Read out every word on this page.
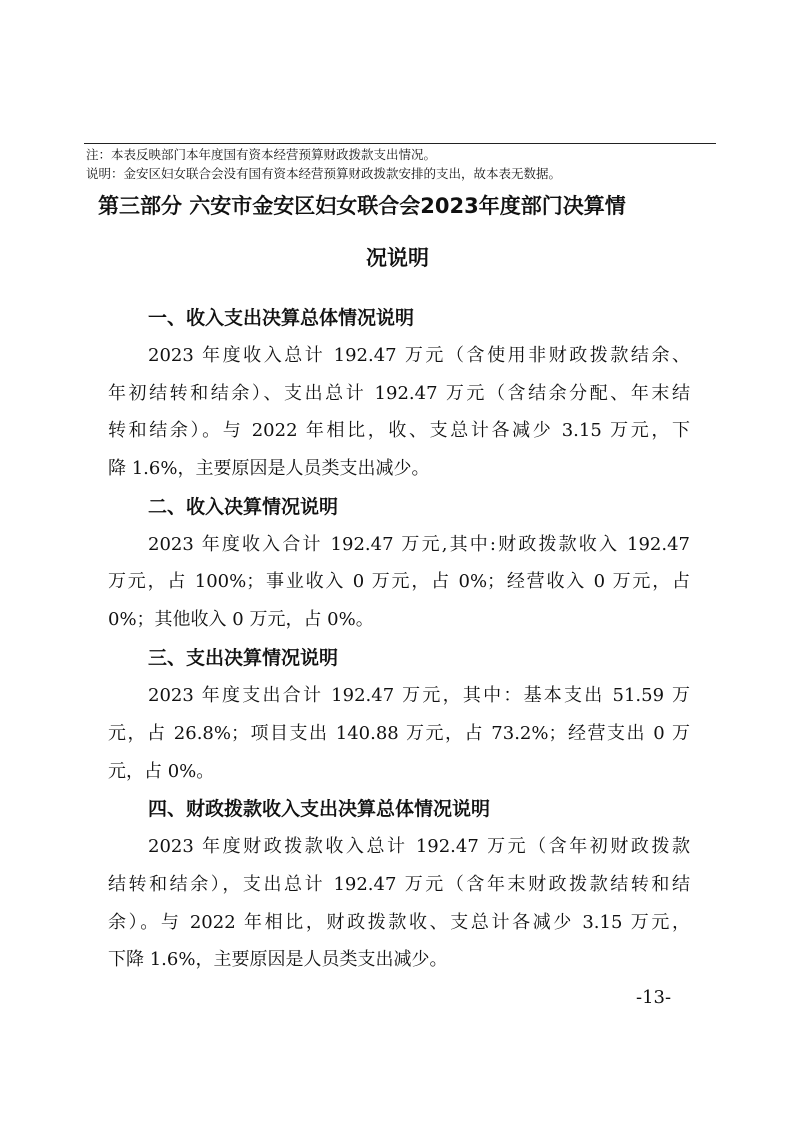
注：本表反映部门本年度国有资本经营预算财政拨款支出情况。
说明：金安区妇女联合会没有国有资本经营预算财政拨款安排的支出，故本表无数据。
第三部分 六安市金安区妇女联合会2023年度部门决算情
况说明
一、收入支出决算总体情况说明
2023 年度收入总计 192.47 万元（含使用非财政拨款结余、
年初结转和结余）、支出总计 192.47 万元（含结余分配、年末结
转和结余）。与 2022 年相比，收、支总计各减少 3.15 万元，下
降 1.6%，主要原因是人员类支出减少。
二、收入决算情况说明
2023 年度收入合计 192.47 万元,其中:财政拨款收入 192.47
万元，占 100%；事业收入 0 万元，占 0%；经营收入 0 万元，占
0%；其他收入 0 万元，占 0%。
三、支出决算情况说明
2023 年度支出合计 192.47 万元，其中：基本支出 51.59 万
元，占 26.8%；项目支出 140.88 万元，占 73.2%；经营支出 0 万
元，占 0%。
四、财政拨款收入支出决算总体情况说明
2023 年度财政拨款收入总计 192.47 万元（含年初财政拨款
结转和结余），支出总计 192.47 万元（含年末财政拨款结转和结
余）。与 2022 年相比，财政拨款收、支总计各减少 3.15 万元，
下降 1.6%，主要原因是人员类支出减少。
-13-
